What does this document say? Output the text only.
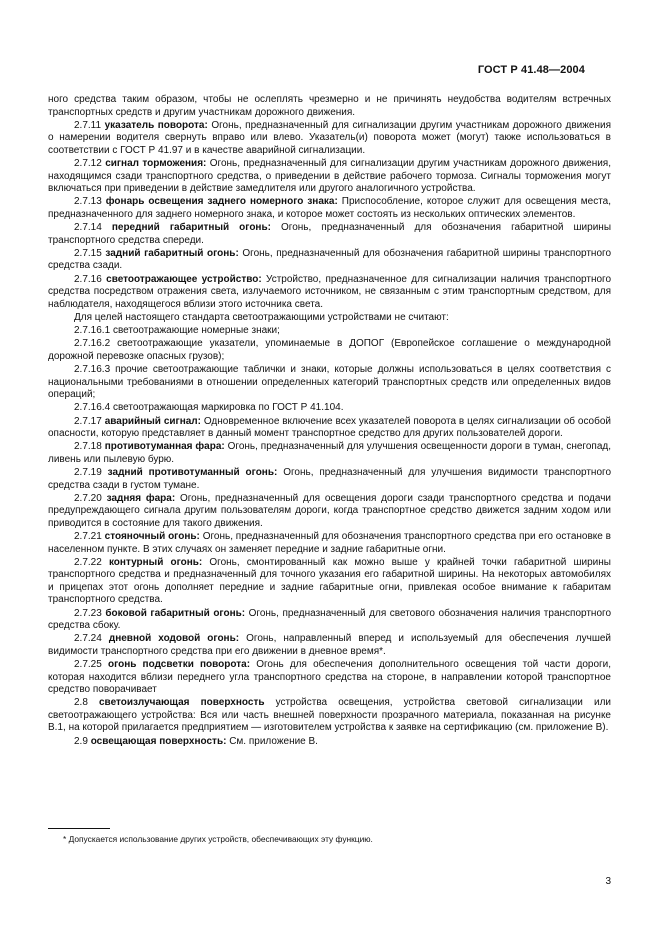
ГОСТ Р 41.48—2004

ного средства таким образом, чтобы не ослеплять чрезмерно и не причинять неудобства водителям встречных транспортных средств и другим участникам дорожного движения.

2.7.11 указатель поворота: Огонь, предназначенный для сигнализации другим участникам дорожного движения о намерении водителя свернуть вправо или влево. Указатель(и) поворота может (могут) также использоваться в соответствии с ГОСТ Р 41.97 и в качестве аварийной сигнализации.

2.7.12 сигнал торможения: Огонь, предназначенный для сигнализации другим участникам дорожного движения, находящимся сзади транспортного средства, о приведении в действие рабочего тормоза. Сигналы торможения могут включаться при приведении в действие замедлителя или другого аналогичного устройства.

2.7.13 фонарь освещения заднего номерного знака: Приспособление, которое служит для освещения места, предназначенного для заднего номерного знака, и которое может состоять из нескольких оптических элементов.

2.7.14 передний габаритный огонь: Огонь, предназначенный для обозначения габаритной ширины транспортного средства спереди.

2.7.15 задний габаритный огонь: Огонь, предназначенный для обозначения габаритной ширины транспортного средства сзади.

2.7.16 светоотражающее устройство: Устройство, предназначенное для сигнализации наличия транспортного средства посредством отражения света, излучаемого источником, не связанным с этим транспортным средством, для наблюдателя, находящегося вблизи этого источника света.

Для целей настоящего стандарта светоотражающими устройствами не считают:

2.7.16.1 светоотражающие номерные знаки;

2.7.16.2 светоотражающие указатели, упоминаемые в ДОПОГ (Европейское соглашение о международной дорожной перевозке опасных грузов);

2.7.16.3 прочие светоотражающие таблички и знаки, которые должны использоваться в целях соответствия с национальными требованиями в отношении определенных категорий транспортных средств или определенных видов операций;

2.7.16.4 светоотражающая маркировка по ГОСТ Р 41.104.

2.7.17 аварийный сигнал: Одновременное включение всех указателей поворота в целях сигнализации об особой опасности, которую представляет в данный момент транспортное средство для других пользователей дороги.

2.7.18 противотуманная фара: Огонь, предназначенный для улучшения освещенности дороги в туман, снегопад, ливень или пылевую бурю.

2.7.19 задний противотуманный огонь: Огонь, предназначенный для улучшения видимости транспортного средства сзади в густом тумане.

2.7.20 задняя фара: Огонь, предназначенный для освещения дороги сзади транспортного средства и подачи предупреждающего сигнала другим пользователям дороги, когда транспортное средство движется задним ходом или приводится в состояние для такого движения.

2.7.21 стояночный огонь: Огонь, предназначенный для обозначения транспортного средства при его остановке в населенном пункте. В этих случаях он заменяет передние и задние габаритные огни.

2.7.22 контурный огонь: Огонь, смонтированный как можно выше у крайней точки габаритной ширины транспортного средства и предназначенный для точного указания его габаритной ширины. На некоторых автомобилях и прицепах этот огонь дополняет передние и задние габаритные огни, привлекая особое внимание к габаритам транспортного средства.

2.7.23 боковой габаритный огонь: Огонь, предназначенный для светового обозначения наличия транспортного средства сбоку.

2.7.24 дневной ходовой огонь: Огонь, направленный вперед и используемый для обеспечения лучшей видимости транспортного средства при его движении в дневное время*.

2.7.25 огонь подсветки поворота: Огонь для обеспечения дополнительного освещения той части дороги, которая находится вблизи переднего угла транспортного средства на стороне, в направлении которой транспортное средство поворачивает

2.8 светоизлучающая поверхность устройства освещения, устройства световой сигнализации или светоотражающего устройства: Вся или часть внешней поверхности прозрачного материала, показанная на рисунке В.1, на которой прилагается предприятием — изготовителем устройства к заявке на сертификацию (см. приложение В).

2.9 освещающая поверхность: См. приложение В.

* Допускается использование других устройств, обеспечивающих эту функцию.
3
